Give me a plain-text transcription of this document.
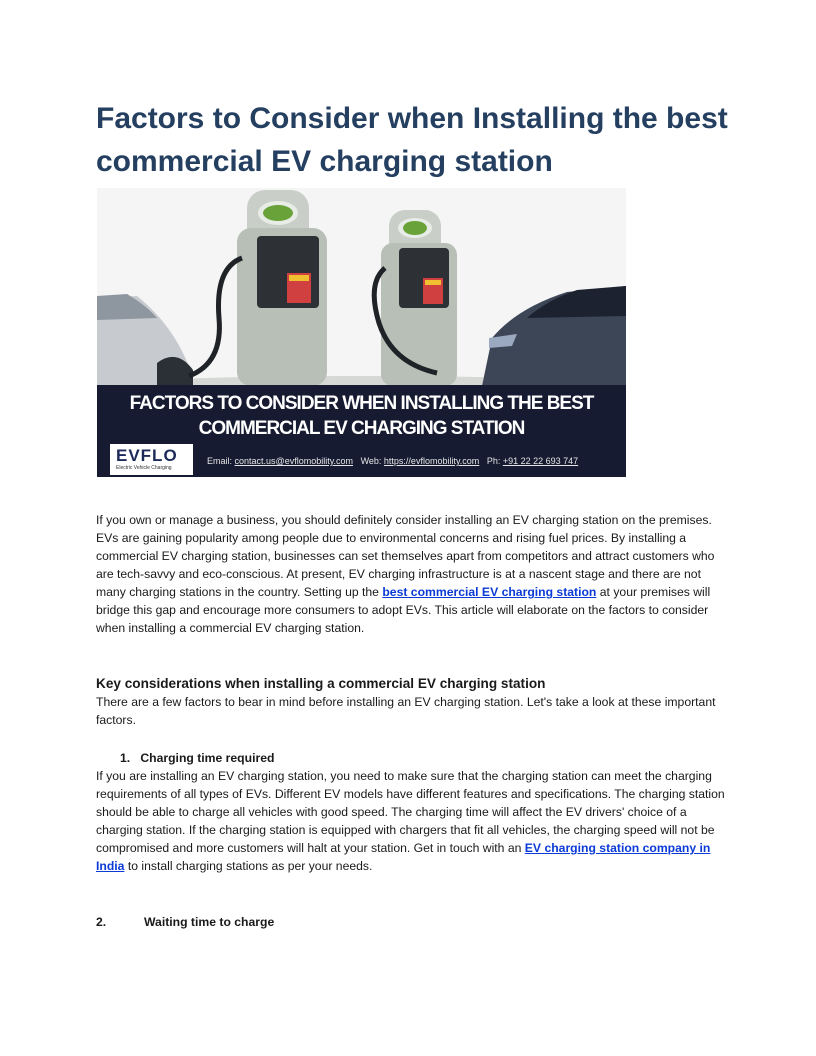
Factors to Consider when Installing the best commercial EV charging station
FACTORS TO CONSIDER WHEN INSTALLING THE BEST
COMMERCIAL EV CHARGING STATION
EVFLO
Electric Vehicle Charging
Email: contact.us@evflomobility.com Web: https://evflomobility.com Ph: +91 22 22 693 747

If you own or manage a business, you should definitely consider installing an EV charging station on the premises. EVs are gaining popularity among people due to environmental concerns and rising fuel prices. By installing a commercial EV charging station, businesses can set themselves apart from competitors and attract customers who are tech-savvy and eco-conscious. At present, EV charging infrastructure is at a nascent stage and there are not many charging stations in the country. Setting up the best commercial EV charging station at your premises will bridge this gap and encourage more consumers to adopt EVs. This article will elaborate on the factors to consider when installing a commercial EV charging station.

Key considerations when installing a commercial EV charging station

There are a few factors to bear in mind before installing an EV charging station. Let's take a look at these important factors.

1. Charging time required

If you are installing an EV charging station, you need to make sure that the charging station can meet the charging requirements of all types of EVs. Different EV models have different features and specifications. The charging station should be able to charge all vehicles with good speed. The charging time will affect the EV drivers' choice of a charging station. If the charging station is equipped with chargers that fit all vehicles, the charging speed will not be compromised and more customers will halt at your station. Get in touch with an EV charging station company in India to install charging stations as per your needs.

2.	Waiting time to charge
